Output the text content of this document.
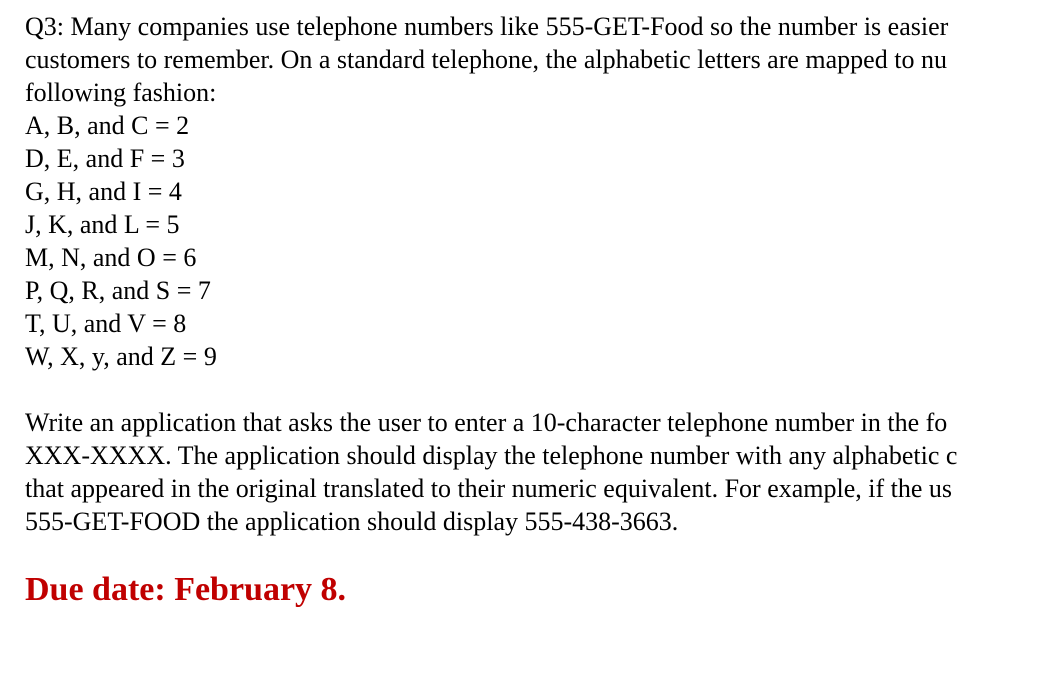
Q3: Many companies use telephone numbers like 555-GET-Food so the number is easier
customers to remember. On a standard telephone, the alphabetic letters are mapped to nu
following fashion:
A, B, and C = 2
D, E, and F = 3
G, H, and I = 4
J, K, and L = 5
M, N, and O = 6
P, Q, R, and S = 7
T, U, and V = 8
W, X, y, and Z = 9
Write an application that asks the user to enter a 10-character telephone number in the fo
XXX-XXXX. The application should display the telephone number with any alphabetic c
that appeared in the original translated to their numeric equivalent. For example, if the us
555-GET-FOOD the application should display 555-438-3663.
Due date: February 8.
